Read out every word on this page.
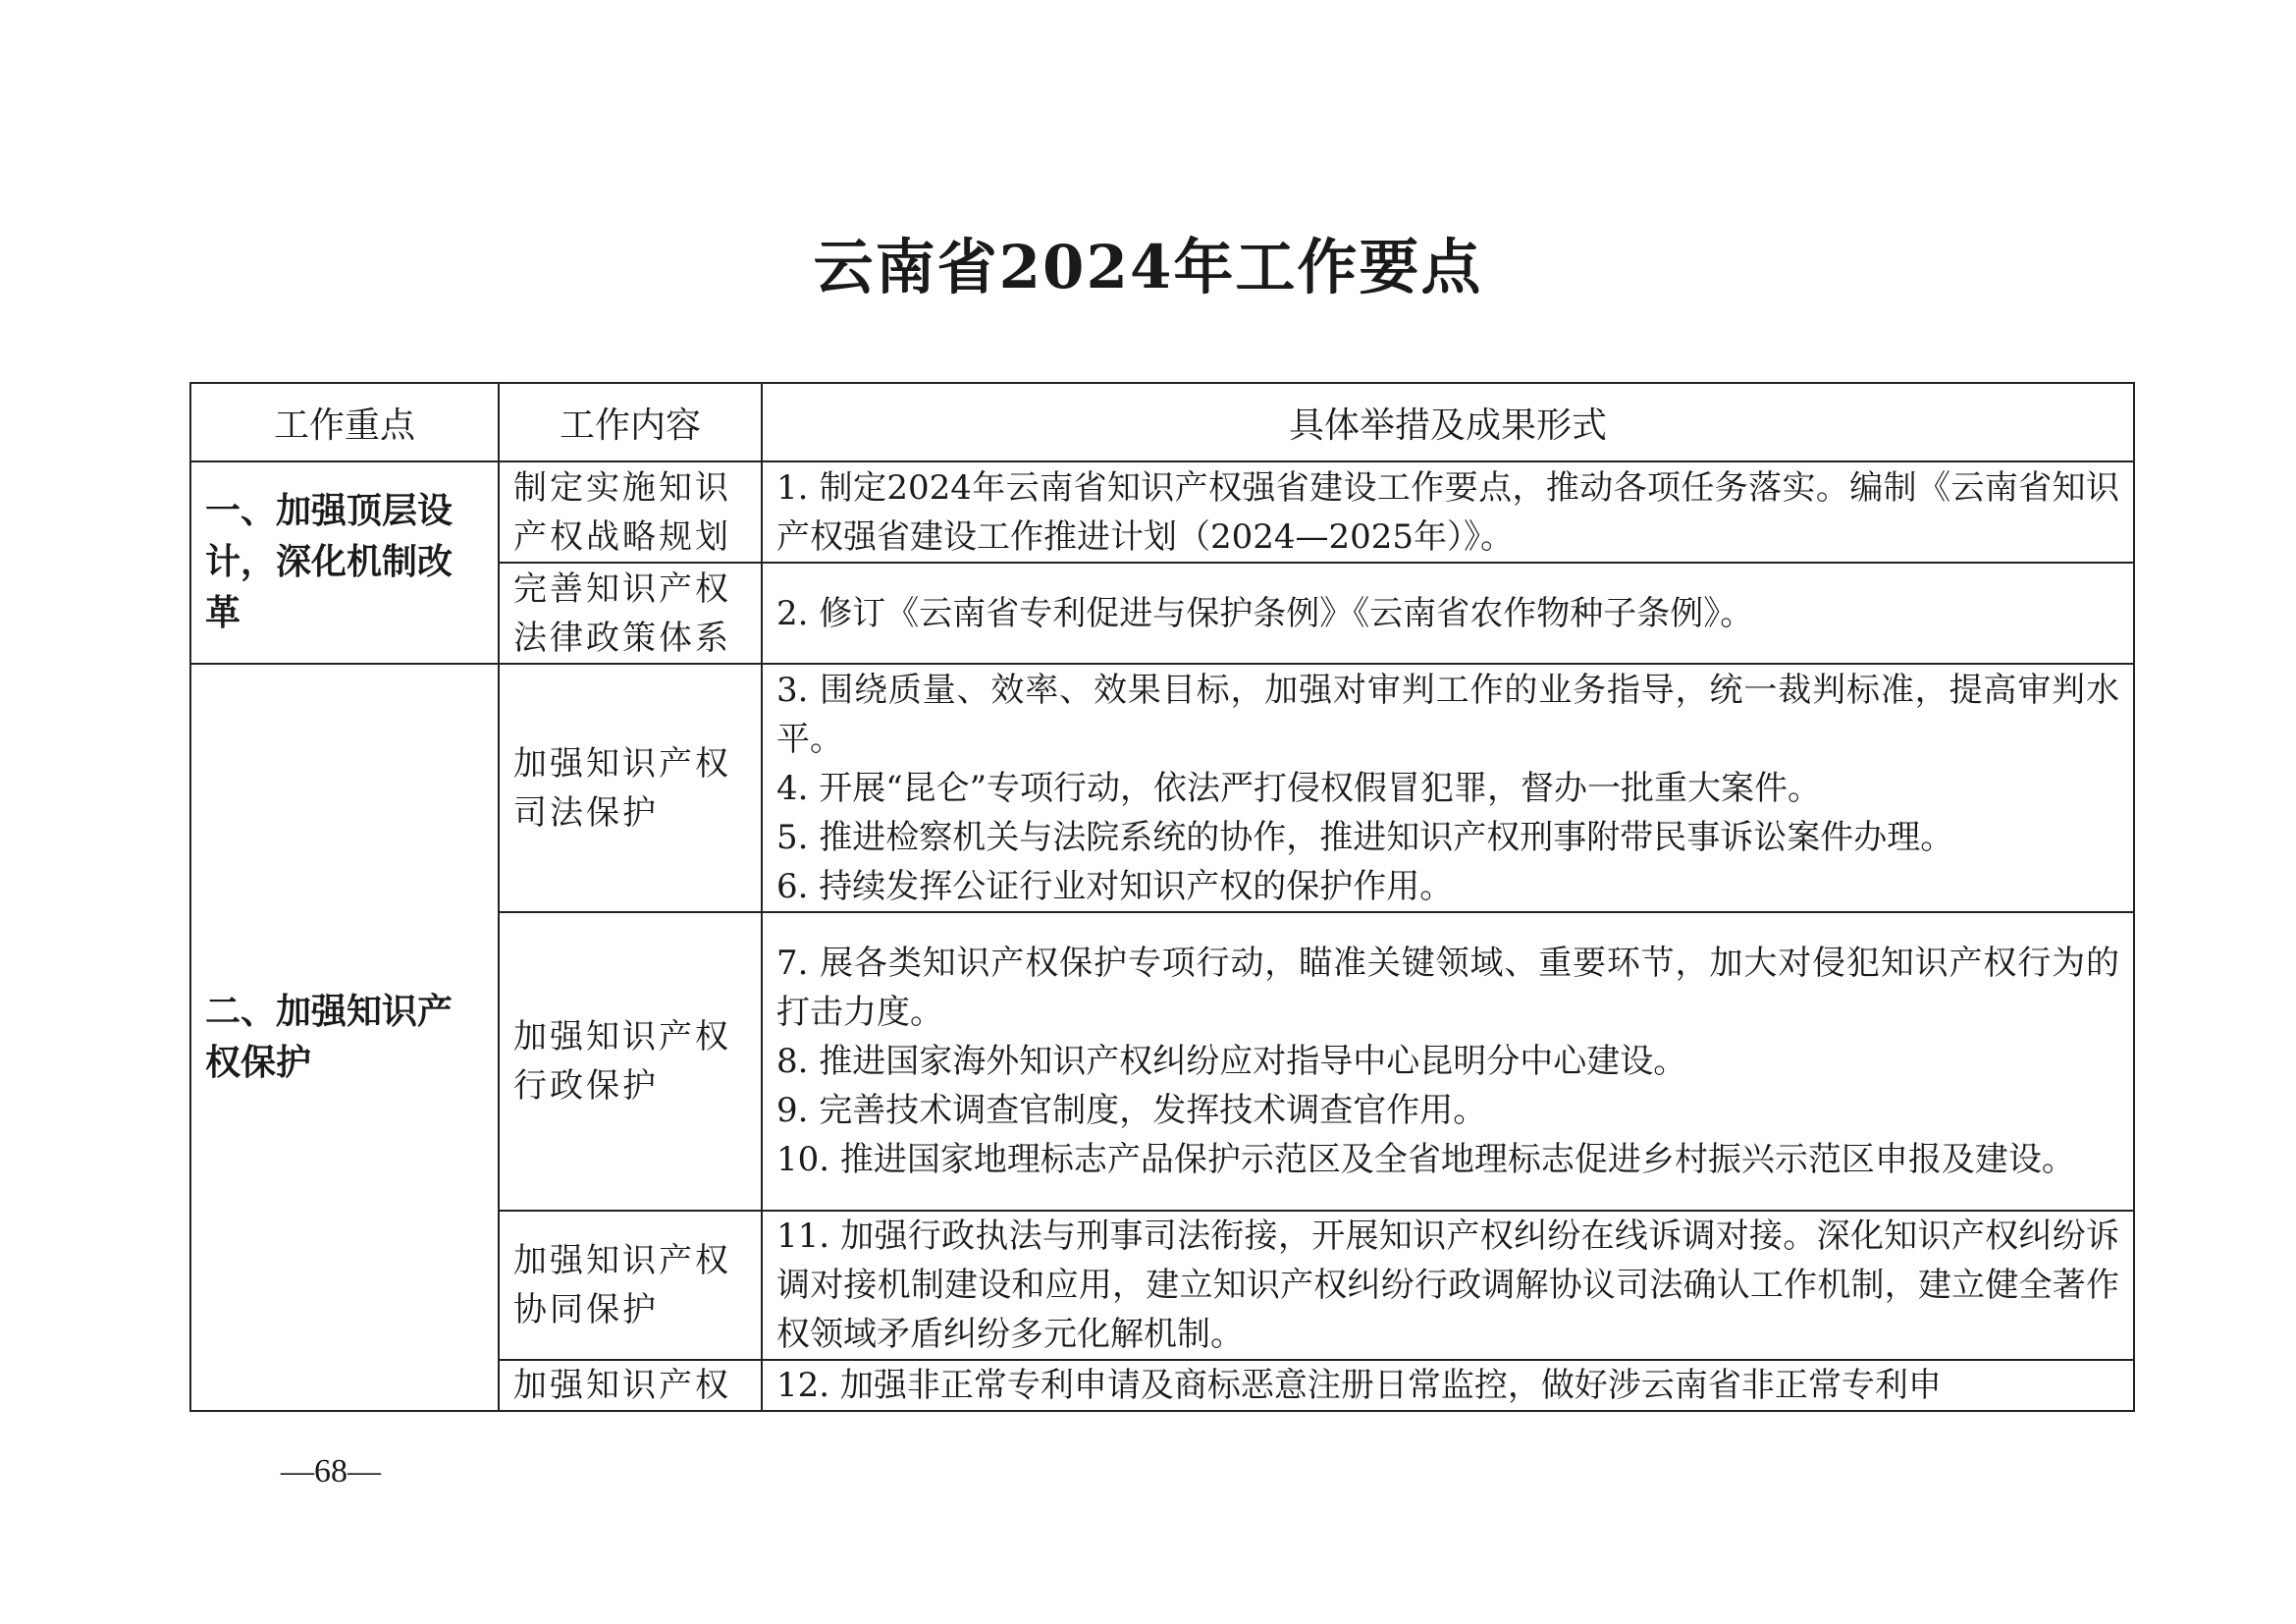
云南省2024年工作要点
工作重点	工作内容	具体举措及成果形式
一、加强顶层设计，深化机制改革	制定实施知识产权战略规划	1. 制定2024年云南省知识产权强省建设工作要点，推动各项任务落实。编制《云南省知识产权强省建设工作推进计划（2024—2025年）》。

	完善知识产权法律政策体系	2. 修订《云南省专利促进与保护条例》《云南省农作物种子条例》。

二、加强知识产权保护	加强知识产权司法保护	3. 围绕质量、效率、效果目标，加强对审判工作的业务指导，统一裁判标准，提高审判水平。

4. 开展“昆仑”专项行动，依法严打侵权假冒犯罪，督办一批重大案件。

5. 推进检察机关与法院系统的协作，推进知识产权刑事附带民事诉讼案件办理。

6. 持续发挥公证行业对知识产权的保护作用。

	加强知识产权行政保护	7. 展各类知识产权保护专项行动，瞄准关键领域、重要环节，加大对侵犯知识产权行为的打击力度。

8. 推进国家海外知识产权纠纷应对指导中心昆明分中心建设。

9. 完善技术调查官制度，发挥技术调查官作用。

10. 推进国家地理标志产品保护示范区及全省地理标志促进乡村振兴示范区申报及建设。

	加强知识产权协同保护	11. 加强行政执法与刑事司法衔接，开展知识产权纠纷在线诉调对接。深化知识产权纠纷诉调对接机制建设和应用，建立知识产权纠纷行政调解协议司法确认工作机制，建立健全著作权领域矛盾纠纷多元化解机制。

	加强知识产权	12. 加强非正常专利申请及商标恶意注册日常监控，做好涉云南省非正常专利申

—68—
